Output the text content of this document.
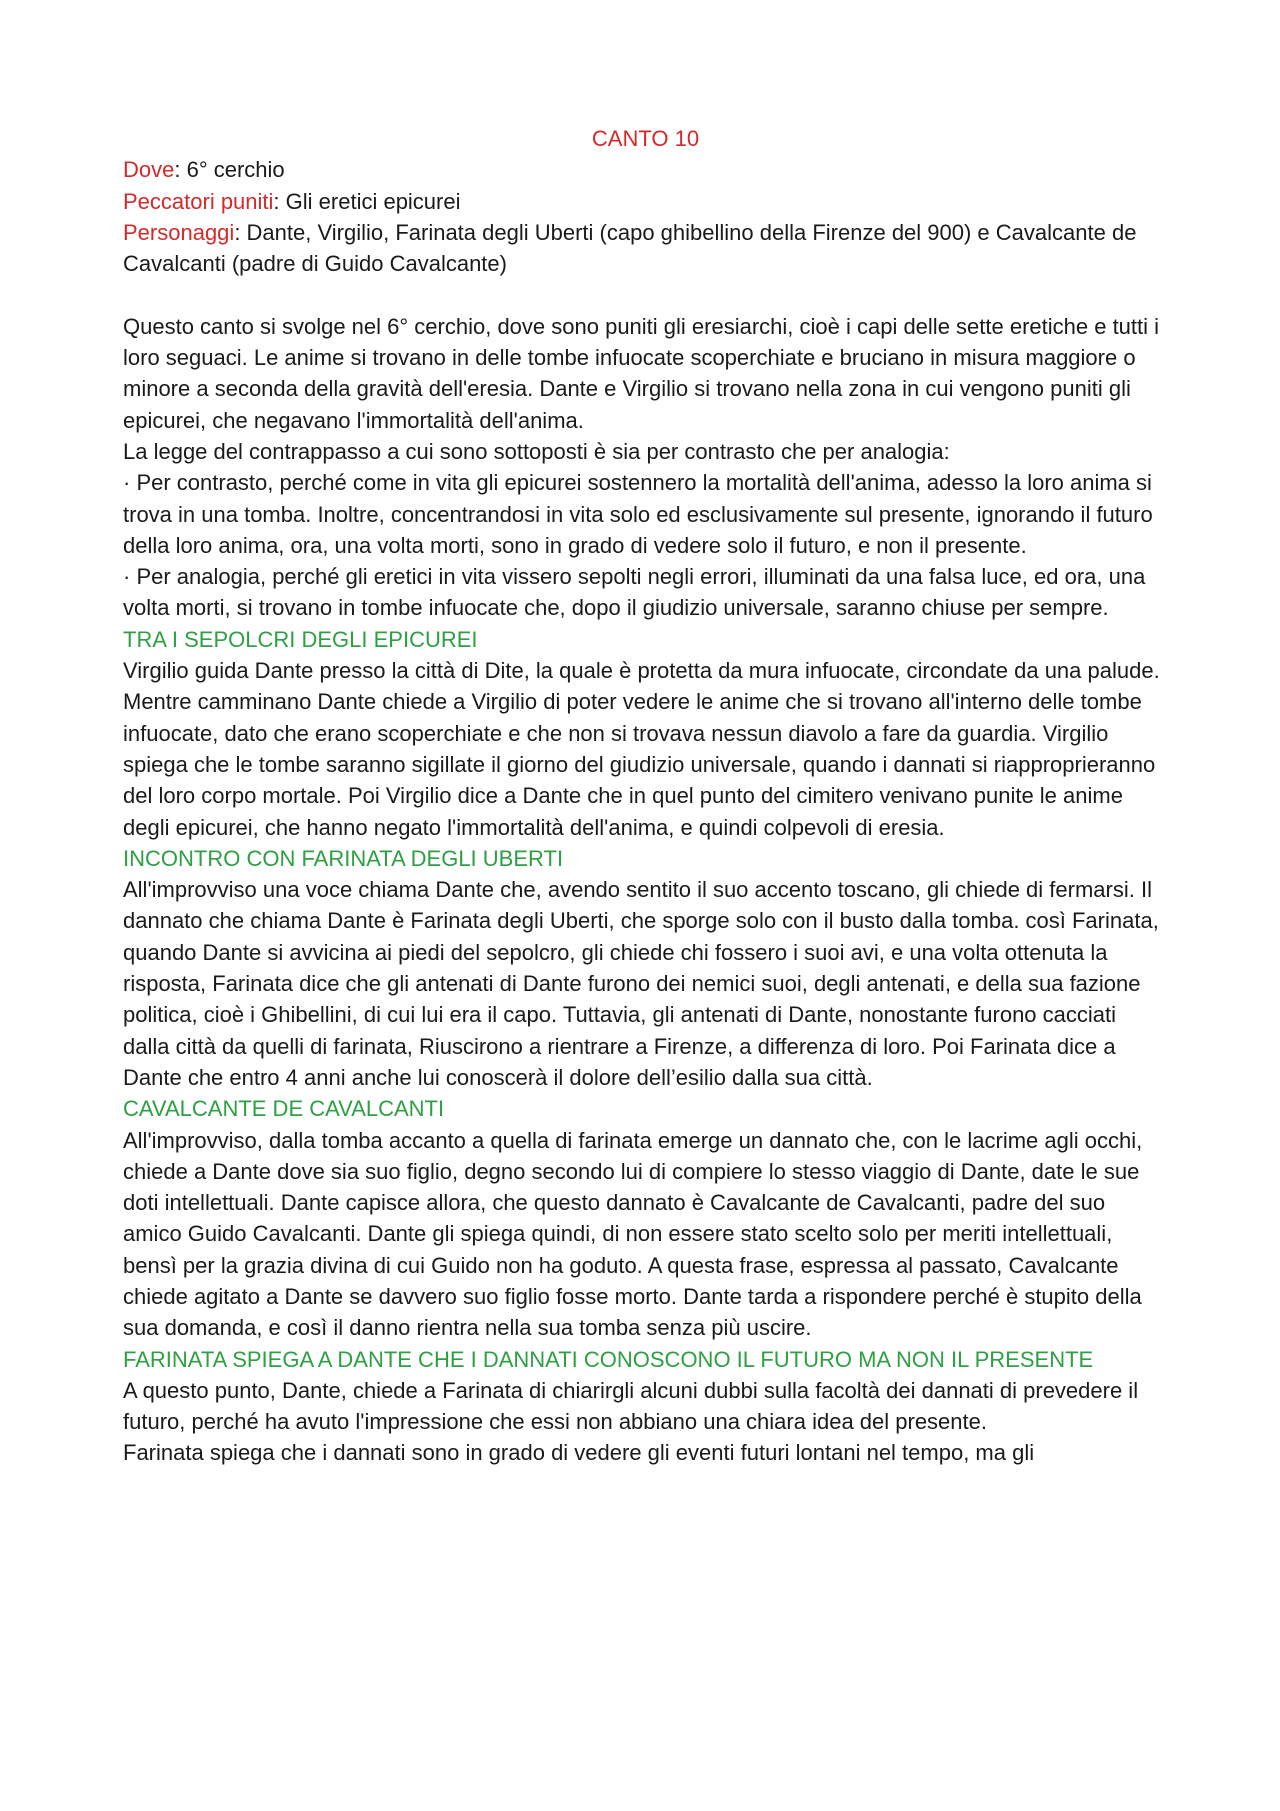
CANTO 10

Dove: 6° cerchio

Peccatori puniti: Gli eretici epicurei

Personaggi: Dante, Virgilio, Farinata degli Uberti (capo ghibellino della Firenze del 900) e Cavalcante de Cavalcanti (padre di Guido Cavalcante)

Questo canto si svolge nel 6° cerchio, dove sono puniti gli eresiarchi, cioè i capi delle sette eretiche e tutti i loro seguaci. Le anime si trovano in delle tombe infuocate scoperchiate e bruciano in misura maggiore o minore a seconda della gravità dell'eresia. Dante e Virgilio si trovano nella zona in cui vengono puniti gli epicurei, che negavano l'immortalità dell'anima.

La legge del contrappasso a cui sono sottoposti è sia per contrasto che per analogia:

· Per contrasto, perché come in vita gli epicurei sostennero la mortalità dell'anima, adesso la loro anima si trova in una tomba. Inoltre, concentrandosi in vita solo ed esclusivamente sul presente, ignorando il futuro della loro anima, ora, una volta morti, sono in grado di vedere solo il futuro, e non il presente.

· Per analogia, perché gli eretici in vita vissero sepolti negli errori, illuminati da una falsa luce, ed ora, una volta morti, si trovano in tombe infuocate che, dopo il giudizio universale, saranno chiuse per sempre.

TRA I SEPOLCRI DEGLI EPICUREI

Virgilio guida Dante presso la città di Dite, la quale è protetta da mura infuocate, circondate da una palude. Mentre camminano Dante chiede a Virgilio di poter vedere le anime che si trovano all'interno delle tombe infuocate, dato che erano scoperchiate e che non si trovava nessun diavolo a fare da guardia. Virgilio spiega che le tombe saranno sigillate il giorno del giudizio universale, quando i dannati si riapproprieranno del loro corpo mortale. Poi Virgilio dice a Dante che in quel punto del cimitero venivano punite le anime degli epicurei, che hanno negato l'immortalità dell'anima, e quindi colpevoli di eresia.

INCONTRO CON FARINATA DEGLI UBERTI

All'improvviso una voce chiama Dante che, avendo sentito il suo accento toscano, gli chiede di fermarsi. Il dannato che chiama Dante è Farinata degli Uberti, che sporge solo con il busto dalla tomba. così Farinata, quando Dante si avvicina ai piedi del sepolcro, gli chiede chi fossero i suoi avi, e una volta ottenuta la risposta, Farinata dice che gli antenati di Dante furono dei nemici suoi, degli antenati, e della sua fazione politica, cioè i Ghibellini, di cui lui era il capo. Tuttavia, gli antenati di Dante, nonostante furono cacciati dalla città da quelli di farinata, Riuscirono a rientrare a Firenze, a differenza di loro. Poi Farinata dice a Dante che entro 4 anni anche lui conoscerà il dolore dell’esilio dalla sua città.

CAVALCANTE DE CAVALCANTI

All'improvviso, dalla tomba accanto a quella di farinata emerge un dannato che, con le lacrime agli occhi, chiede a Dante dove sia suo figlio, degno secondo lui di compiere lo stesso viaggio di Dante, date le sue doti intellettuali. Dante capisce allora, che questo dannato è Cavalcante de Cavalcanti, padre del suo amico Guido Cavalcanti. Dante gli spiega quindi, di non essere stato scelto solo per meriti intellettuali, bensì per la grazia divina di cui Guido non ha goduto. A questa frase, espressa al passato, Cavalcante chiede agitato a Dante se davvero suo figlio fosse morto. Dante tarda a rispondere perché è stupito della sua domanda, e così il danno rientra nella sua tomba senza più uscire.

FARINATA SPIEGA A DANTE CHE I DANNATI CONOSCONO IL FUTURO MA NON IL PRESENTE

A questo punto, Dante, chiede a Farinata di chiarirgli alcuni dubbi sulla facoltà dei dannati di prevedere il futuro, perché ha avuto l'impressione che essi non abbiano una chiara idea del presente.

Farinata spiega che i dannati sono in grado di vedere gli eventi futuri lontani nel tempo, ma gli
